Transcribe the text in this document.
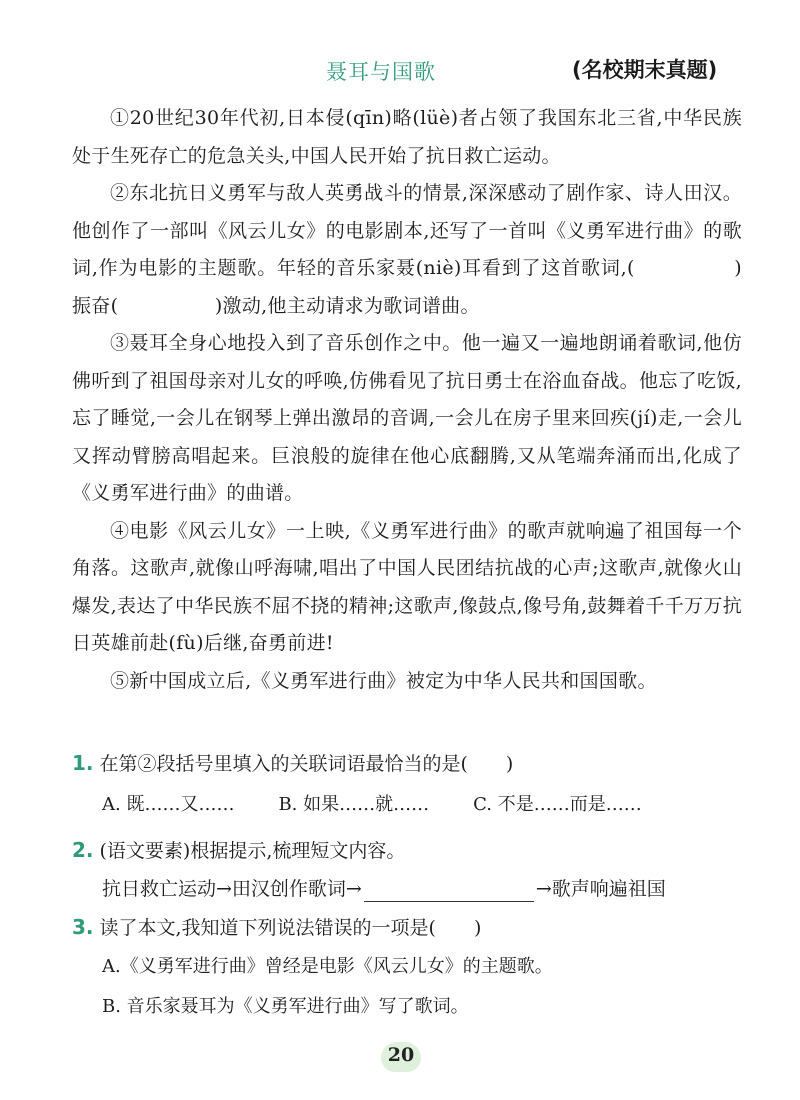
聂耳与国歌	(名校期末真题)

①20世纪30年代初,日本侵(qīn)略(lüè)者占领了我国东北三省,中华民族处于生死存亡的危急关头,中国人民开始了抗日救亡运动。

②东北抗日义勇军与敌人英勇战斗的情景,深深感动了剧作家、诗人田汉。他创作了一部叫《风云儿女》的电影剧本,还写了一首叫《义勇军进行曲》的歌词,作为电影的主题歌。年轻的音乐家聂(niè)耳看到了这首歌词,(　　　　　)振奋(　　　　　)激动,他主动请求为歌词谱曲。

③聂耳全身心地投入到了音乐创作之中。他一遍又一遍地朗诵着歌词,他仿佛听到了祖国母亲对儿女的呼唤,仿佛看见了抗日勇士在浴血奋战。他忘了吃饭,忘了睡觉,一会儿在钢琴上弹出激昂的音调,一会儿在房子里来回疾(jí)走,一会儿又挥动臂膀高唱起来。巨浪般的旋律在他心底翻腾,又从笔端奔涌而出,化成了《义勇军进行曲》的曲谱。

④电影《风云儿女》一上映,《义勇军进行曲》的歌声就响遍了祖国每一个角落。这歌声,就像山呼海啸,唱出了中国人民团结抗战的心声;这歌声,就像火山爆发,表达了中华民族不屈不挠的精神;这歌声,像鼓点,像号角,鼓舞着千千万万抗日英雄前赴(fù)后继,奋勇前进!

⑤新中国成立后,《义勇军进行曲》被定为中华人民共和国国歌。

1. 在第②段括号里填入的关联词语最恰当的是(　　)

A. 既……又…… B. 如果……就…… C. 不是……而是……

2. (语文要素)根据提示,梳理短文内容。

抗日救亡运动→田汉创作歌词→	→歌声响遍祖国

3. 读了本文,我知道下列说法错误的一项是(　　)

A.《义勇军进行曲》曾经是电影《风云儿女》的主题歌。

B. 音乐家聂耳为《义勇军进行曲》写了歌词。

20
